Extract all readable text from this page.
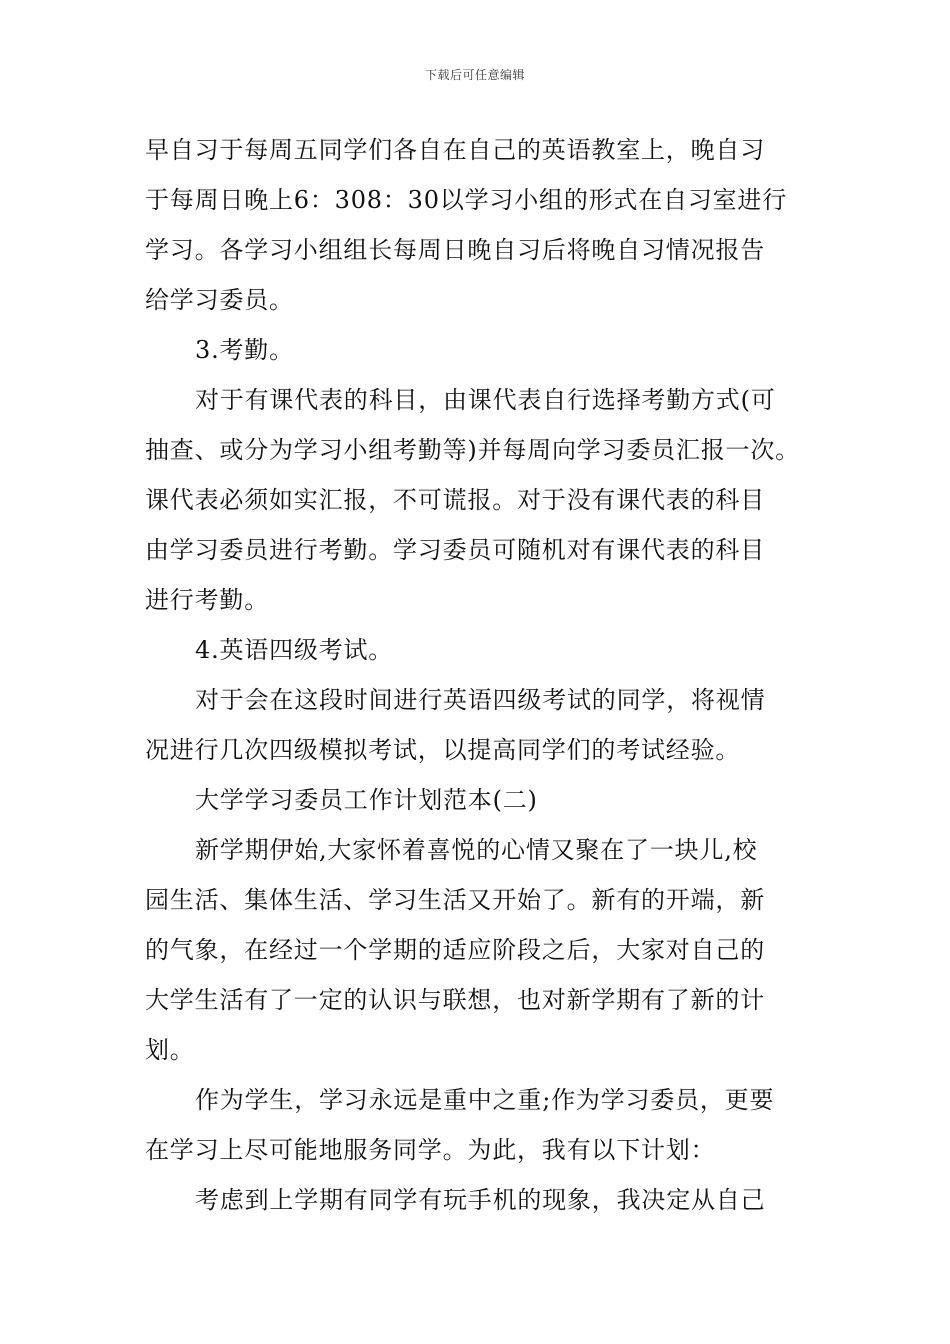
下载后可任意编辑
早自习于每周五同学们各自在自己的英语教室上，晚自习
于每周日晚上6：308：30以学习小组的形式在自习室进行
学习。各学习小组组长每周日晚自习后将晚自习情况报告
给学习委员。
3.考勤。
对于有课代表的科目，由课代表自行选择考勤方式(可
抽查、或分为学习小组考勤等)并每周向学习委员汇报一次。
课代表必须如实汇报，不可谎报。对于没有课代表的科目
由学习委员进行考勤。学习委员可随机对有课代表的科目
进行考勤。
4.英语四级考试。
对于会在这段时间进行英语四级考试的同学，将视情
况进行几次四级模拟考试，以提高同学们的考试经验。
大学学习委员工作计划范本(二)
新学期伊始,大家怀着喜悦的心情又聚在了一块儿,校
园生活、集体生活、学习生活又开始了。新有的开端，新
的气象，在经过一个学期的适应阶段之后，大家对自己的
大学生活有了一定的认识与联想，也对新学期有了新的计
划。
作为学生，学习永远是重中之重;作为学习委员，更要
在学习上尽可能地服务同学。为此，我有以下计划：
考虑到上学期有同学有玩手机的现象，我决定从自己
